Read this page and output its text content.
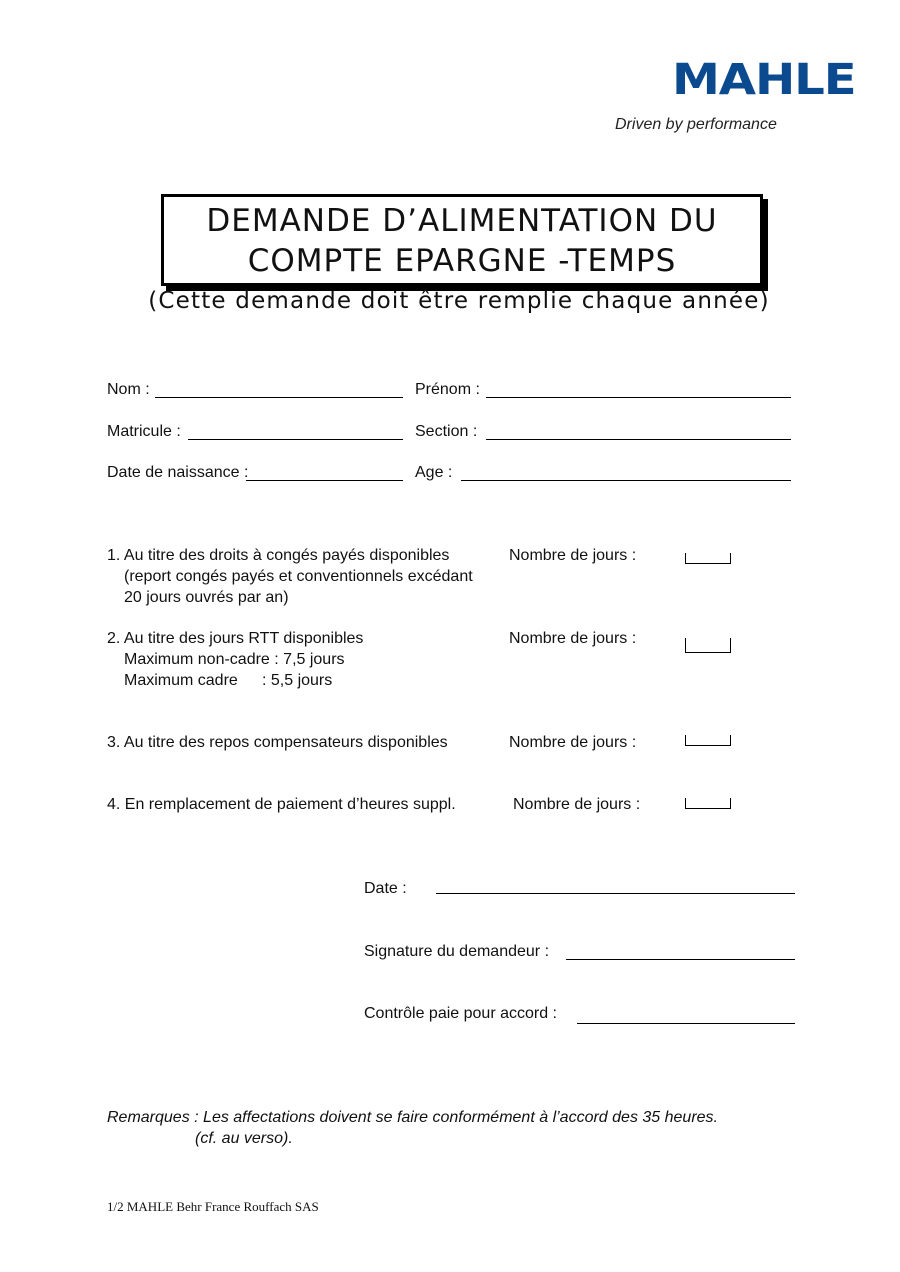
MAHLE
Driven by performance
DEMANDE D’ALIMENTATION DU
COMPTE EPARGNE -TEMPS
(Cette demande doit être remplie chaque année)
Nom :	Prénom :
Matricule :	Section :
Date de naissance :	Age :
1. Au titre des droits à congés payés disponibles
(report congés payés et conventionnels excédant
20 jours ouvrés par an)
Nombre de jours :
2. Au titre des jours RTT disponibles
Maximum non-cadre : 7,5 jours
Maximum cadre : 5,5 jours
Nombre de jours :
3. Au titre des repos compensateurs disponibles	Nombre de jours :
4. En remplacement de paiement d’heures suppl.	Nombre de jours :
Date :
Signature du demandeur :
Contrôle paie pour accord :
Remarques : Les affectations doivent se faire conformément à l’accord des 35 heures.
(cf. au verso).
1/2 MAHLE Behr France Rouffach SAS
